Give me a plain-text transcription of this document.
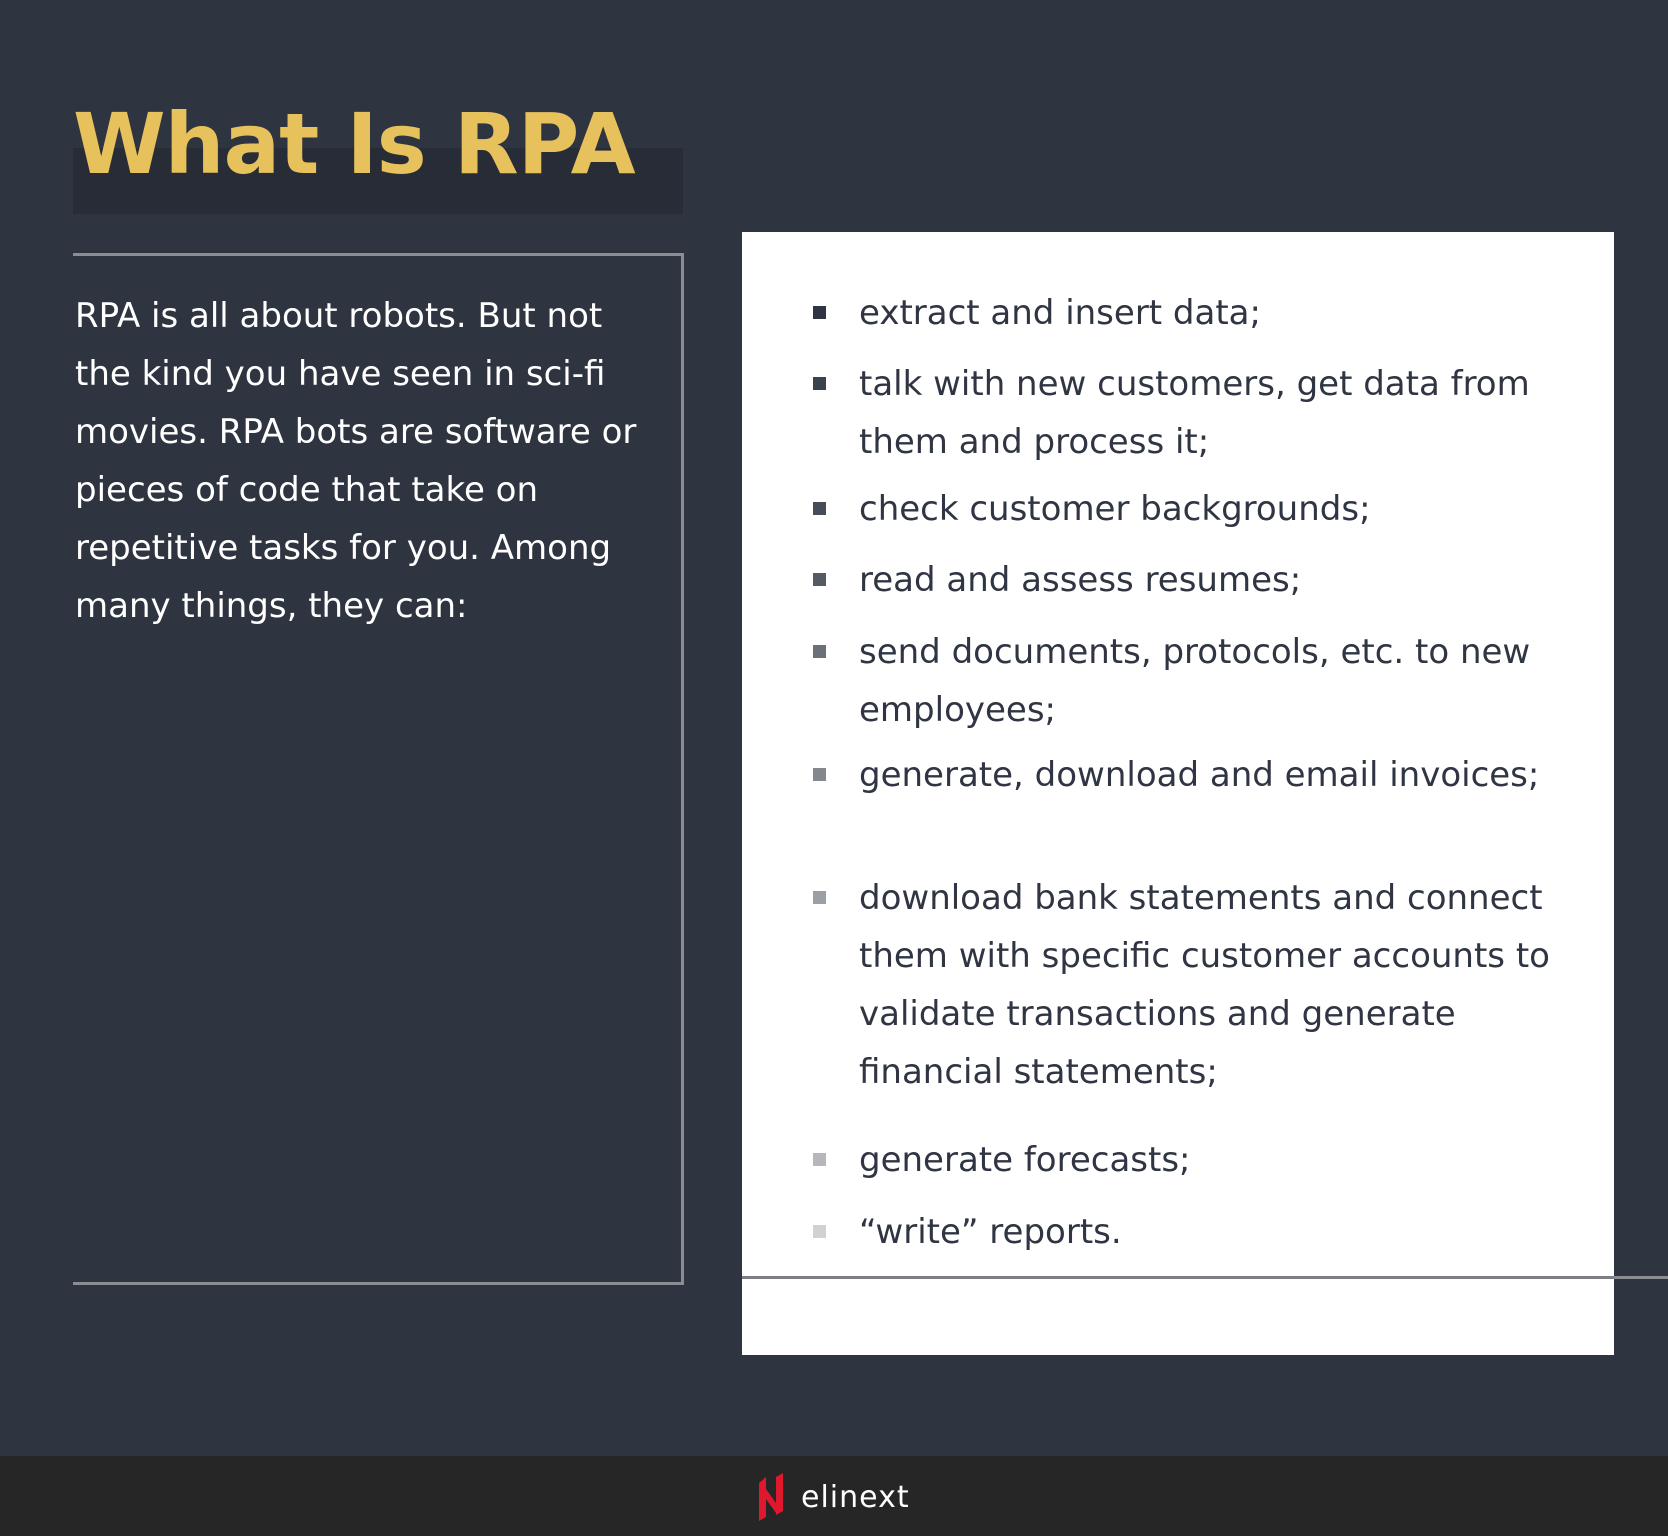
What Is RPA
RPA is all about robots. But not the kind you have seen in sci-fi movies. RPA bots are software or pieces of code that take on repetitive tasks for you. Among many things, they can:
extract and insert data;
talk with new customers, get data from them and process it;
check customer backgrounds;
read and assess resumes;
send documents, protocols, etc. to new employees;
generate, download and email invoices;
download bank statements and connect them with specific customer accounts to validate transactions and generate financial statements;
generate forecasts;
“write” reports.
elinext
